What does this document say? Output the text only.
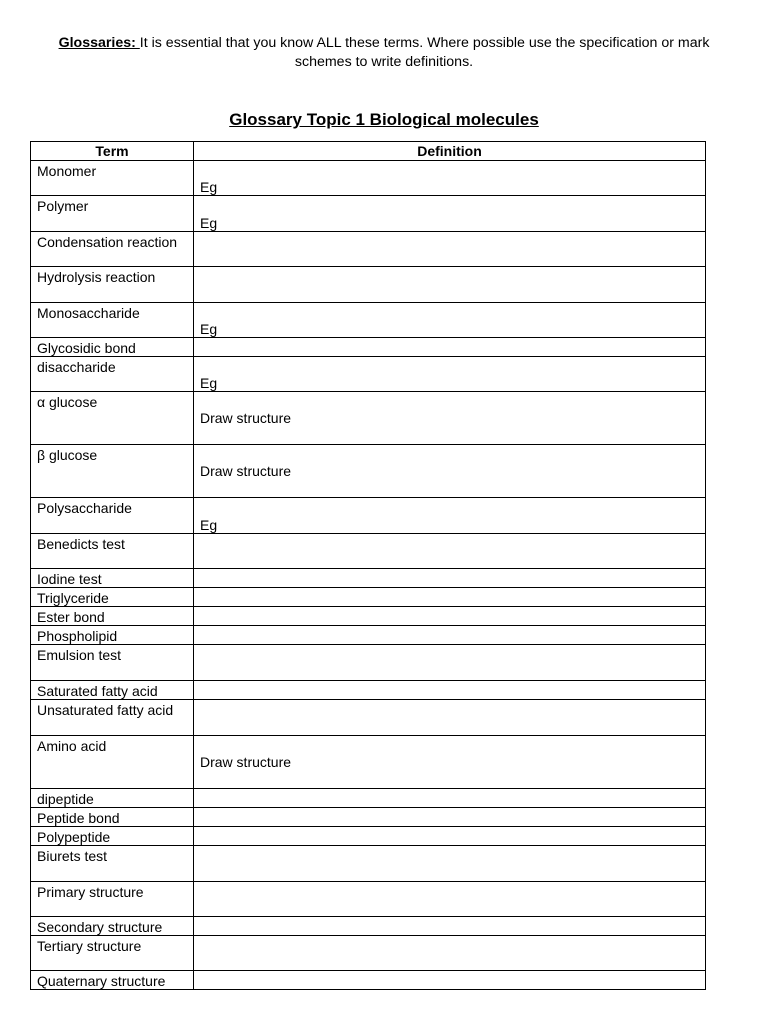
Glossaries: It is essential that you know ALL these terms. Where possible use the specification or mark schemes to write definitions.
Glossary Topic 1 Biological molecules
Term	Definition
Monomer	Eg
Polymer	Eg
Condensation reaction	
Hydrolysis reaction	
Monosaccharide	Eg
Glycosidic bond	
disaccharide	Eg
α glucose	Draw structure
β glucose	Draw structure
Polysaccharide	Eg
Benedicts test	
Iodine test	
Triglyceride	
Ester bond	
Phospholipid	
Emulsion test	
Saturated fatty acid	
Unsaturated fatty acid	
Amino acid	Draw structure
dipeptide	
Peptide bond	
Polypeptide	
Biurets test	
Primary structure	
Secondary structure	
Tertiary structure	
Quaternary structure	
